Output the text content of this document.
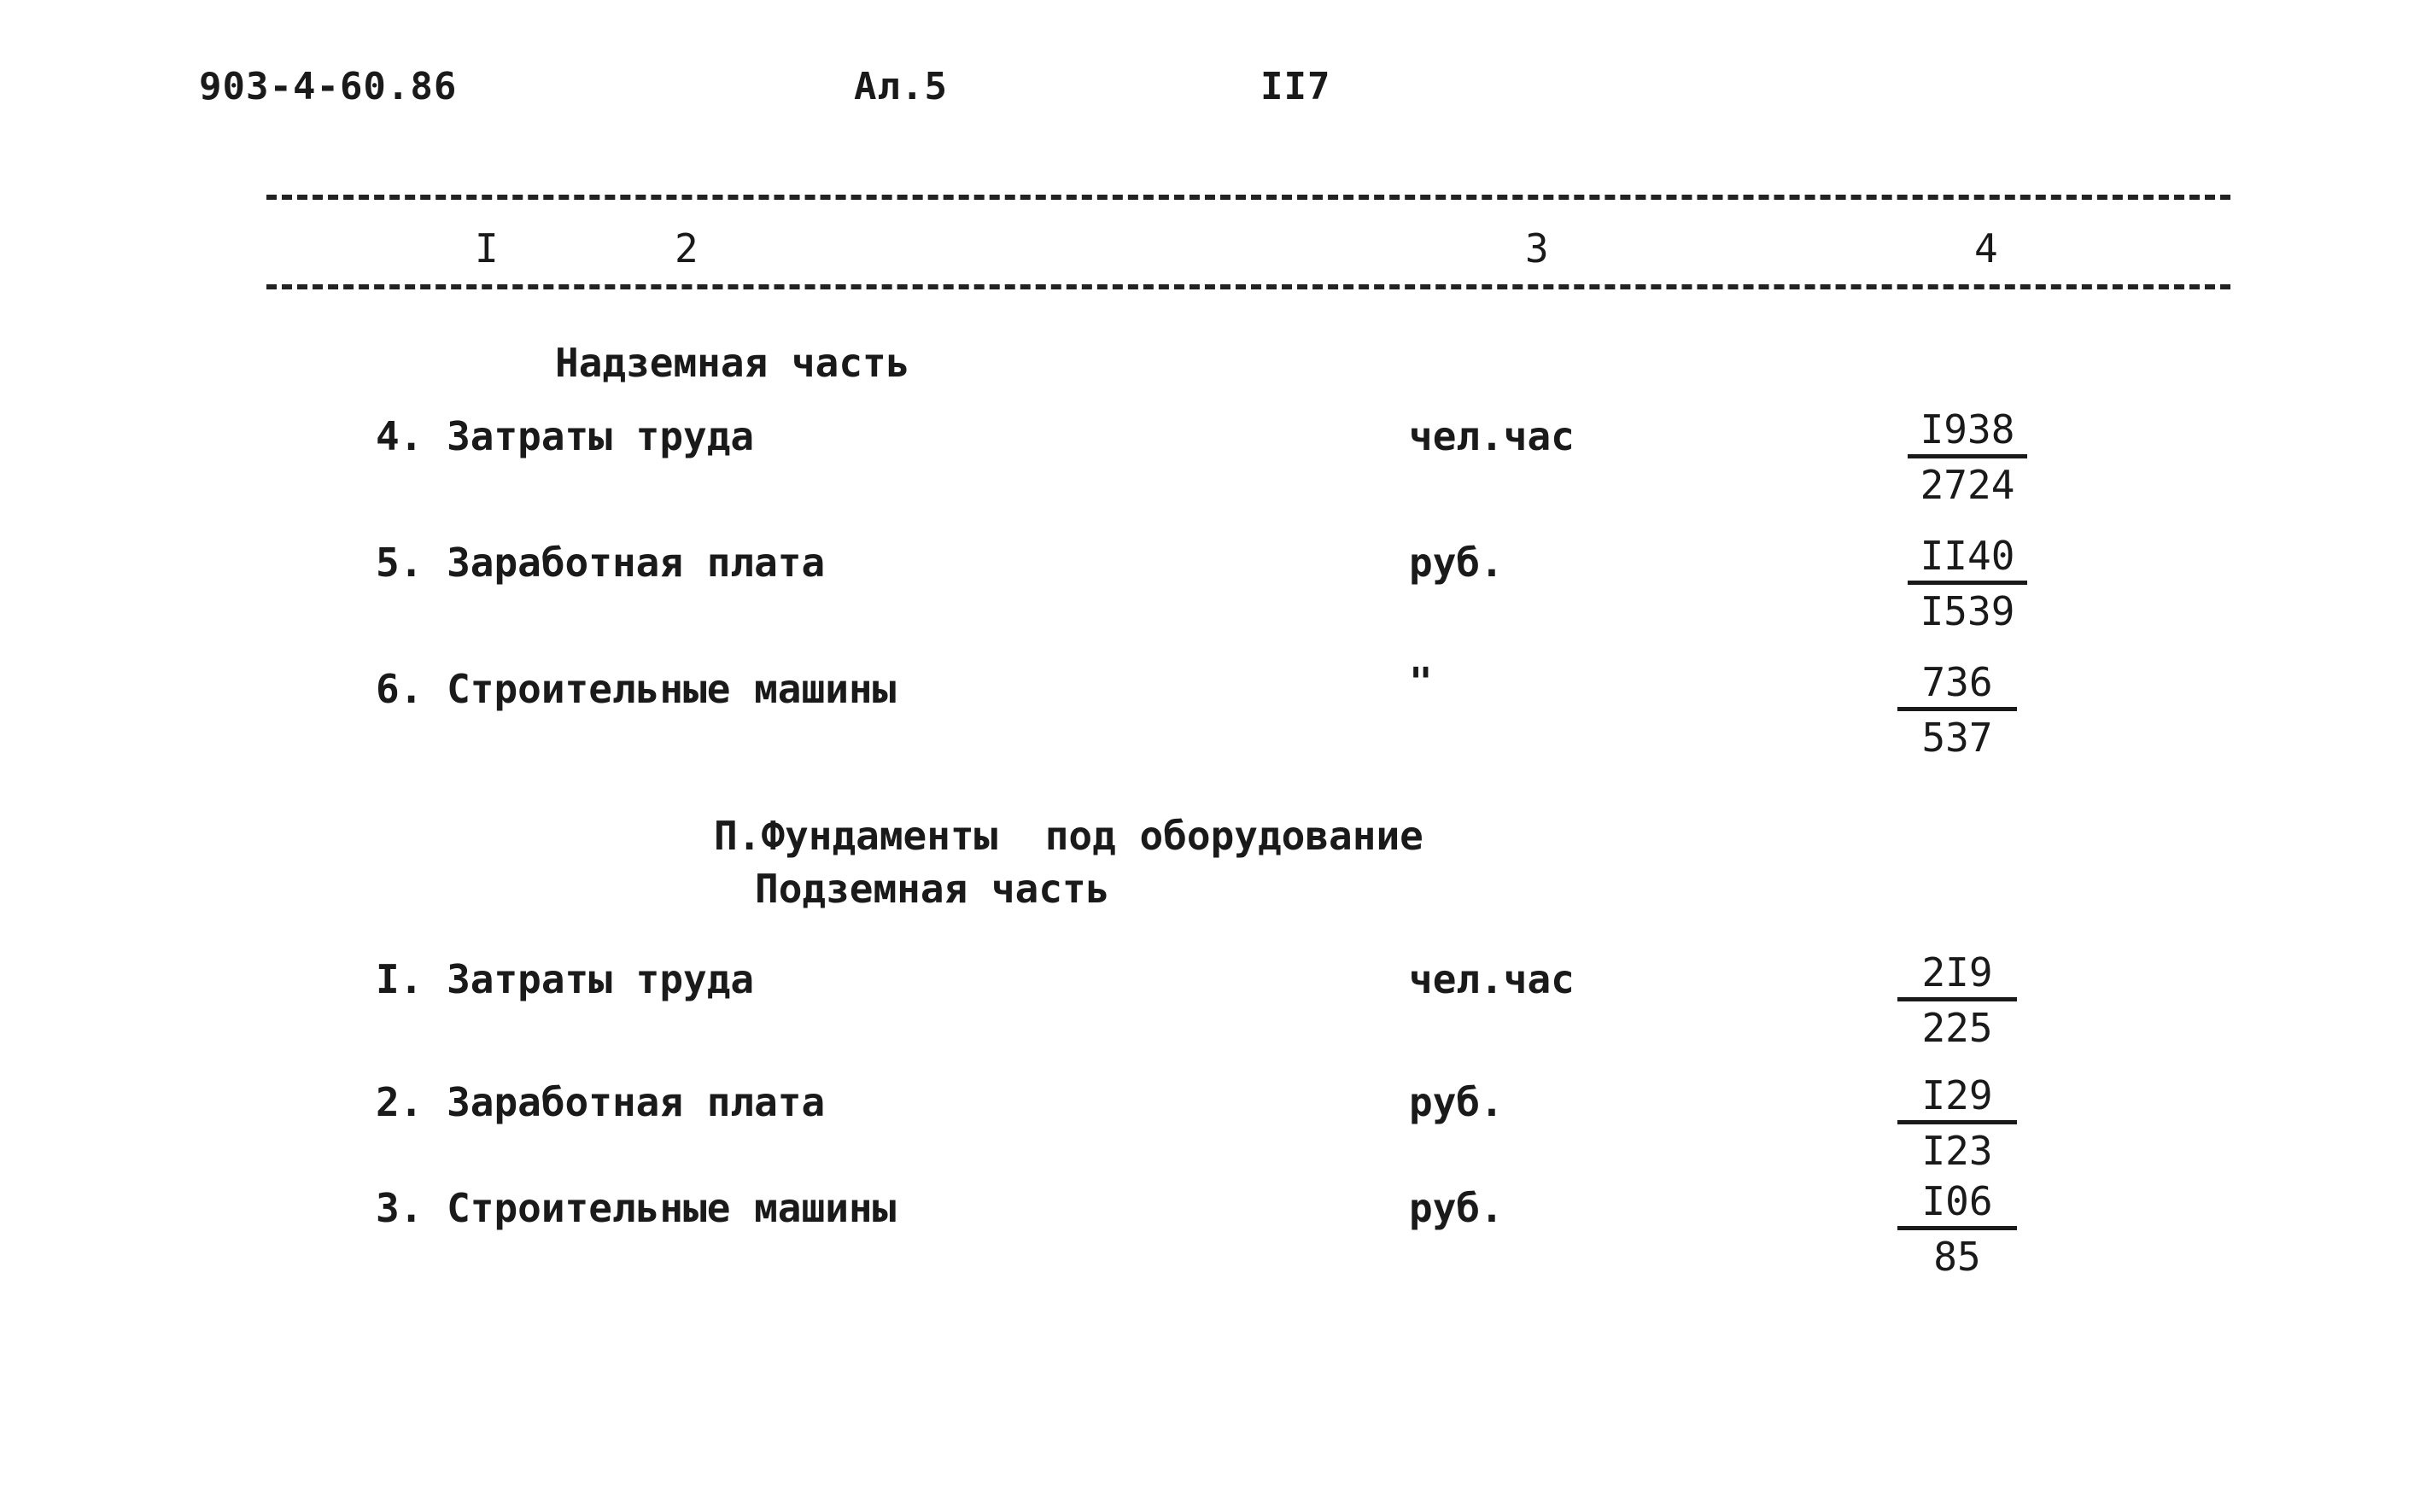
903-4-60.86	Ал.5	II7
I	2	3	4
Надземная часть
4. Затраты труда	чел.час	$\frac{I938}{2724}$
5. Заработная плата	руб.	$\frac{II40}{I539}$
6. Строительные машины	"	$\frac{736}{537}$
П.Фундаменты  под оборудование
Подземная часть
I. Затраты труда	чел.час	$\frac{2I9}{225}$
2. Заработная плата	руб.	$\frac{I29}{I23}$
3. Строительные машины	руб.	$\frac{I06}{85}$
